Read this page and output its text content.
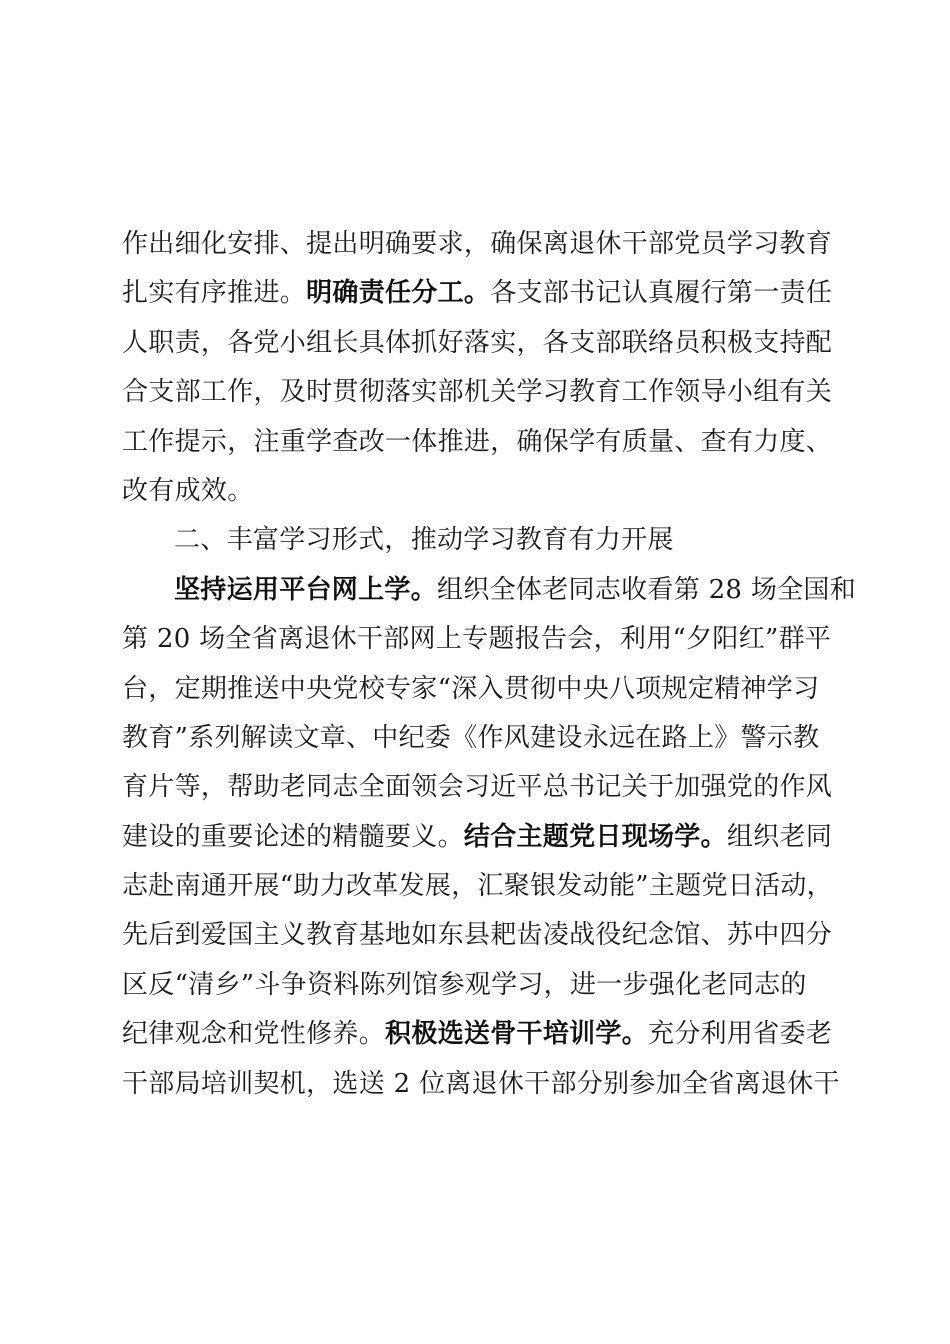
作出细化安排、提出明确要求，确保离退休干部党员学习教育
扎实有序推进。明确责任分工。各支部书记认真履行第一责任
人职责，各党小组长具体抓好落实，各支部联络员积极支持配
合支部工作，及时贯彻落实部机关学习教育工作领导小组有关
工作提示，注重学查改一体推进，确保学有质量、查有力度、
改有成效。
二、丰富学习形式，推动学习教育有力开展
坚持运用平台网上学。组织全体老同志收看第 28 场全国和
第 20 场全省离退休干部网上专题报告会，利用“夕阳红”群平
台，定期推送中央党校专家“深入贯彻中央八项规定精神学习
教育”系列解读文章、中纪委《作风建设永远在路上》警示教
育片等，帮助老同志全面领会习近平总书记关于加强党的作风
建设的重要论述的精髓要义。结合主题党日现场学。组织老同
志赴南通开展“助力改革发展，汇聚银发动能”主题党日活动，
先后到爱国主义教育基地如东县耙齿凌战役纪念馆、苏中四分
区反“清乡”斗争资料陈列馆参观学习，进一步强化老同志的
纪律观念和党性修养。积极选送骨干培训学。充分利用省委老
干部局培训契机，选送 2 位离退休干部分别参加全省离退休干
